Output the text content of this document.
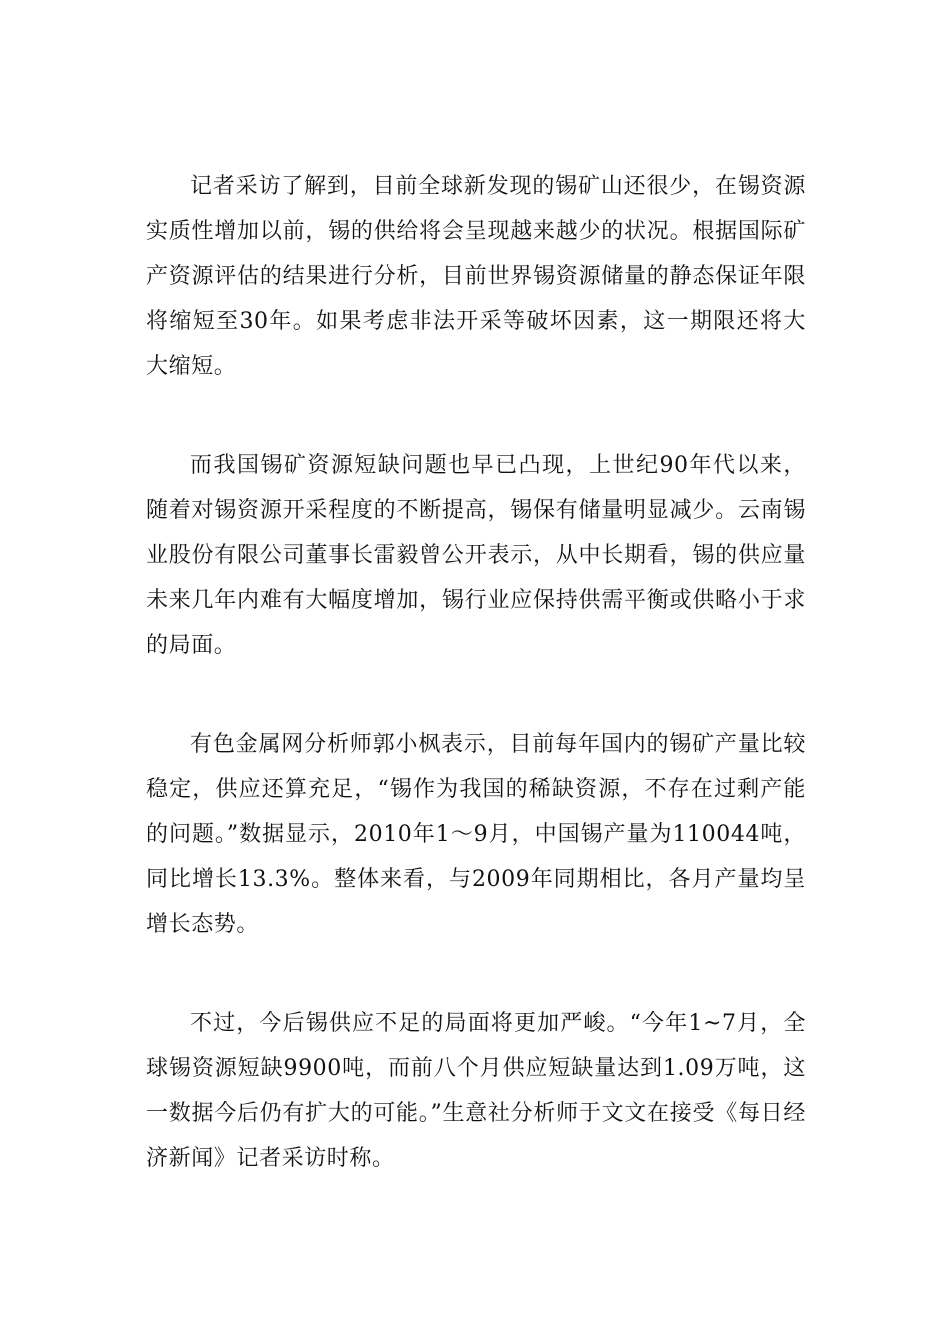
记者采访了解到，目前全球新发现的锡矿山还很少，在锡资源实质性增加以前，锡的供给将会呈现越来越少的状况。根据国际矿产资源评估的结果进行分析，目前世界锡资源储量的静态保证年限将缩短至30年。如果考虑非法开采等破坏因素，这一期限还将大大缩短。

而我国锡矿资源短缺问题也早已凸现，上世纪90年代以来，随着对锡资源开采程度的不断提高，锡保有储量明显减少。云南锡业股份有限公司董事长雷毅曾公开表示，从中长期看，锡的供应量未来几年内难有大幅度增加，锡行业应保持供需平衡或供略小于求的局面。

有色金属网分析师郭小枫表示，目前每年国内的锡矿产量比较稳定，供应还算充足，“锡作为我国的稀缺资源，不存在过剩产能的问题。”数据显示，2010年1～9月，中国锡产量为110044吨，同比增长13.3%。整体来看，与2009年同期相比，各月产量均呈增长态势。

不过，今后锡供应不足的局面将更加严峻。“今年1~7月，全球锡资源短缺9900吨，而前八个月供应短缺量达到1.09万吨，这一数据今后仍有扩大的可能。”生意社分析师于文文在接受《每日经济新闻》记者采访时称。
